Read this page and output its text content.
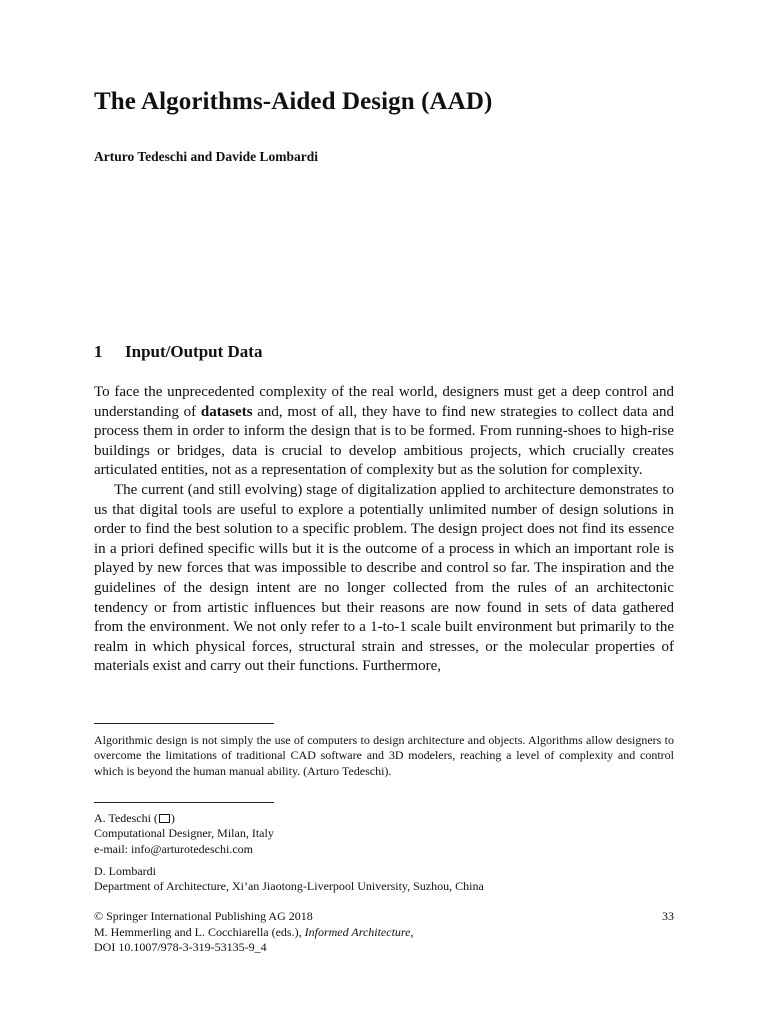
The Algorithms-Aided Design (AAD)
Arturo Tedeschi and Davide Lombardi
1 Input/Output Data

To face the unprecedented complexity of the real world, designers must get a deep control and understanding of datasets and, most of all, they have to find new strategies to collect data and process them in order to inform the design that is to be formed. From running-shoes to high-rise buildings or bridges, data is crucial to develop ambitious projects, which crucially creates articulated entities, not as a representation of complexity but as the solution for complexity.

The current (and still evolving) stage of digitalization applied to architecture demonstrates to us that digital tools are useful to explore a potentially unlimited number of design solutions in order to find the best solution to a specific problem. The design project does not find its essence in a priori defined specific wills but it is the outcome of a process in which an important role is played by new forces that was impossible to describe and control so far. The inspiration and the guidelines of the design intent are no longer collected from the rules of an architectonic tendency or from artistic influences but their reasons are now found in sets of data gathered from the environment. We not only refer to a 1-to-1 scale built environment but primarily to the realm in which physical forces, structural strain and stresses, or the molecular properties of materials exist and carry out their functions. Furthermore,

Algorithmic design is not simply the use of computers to design architecture and objects. Algorithms allow designers to overcome the limitations of traditional CAD software and 3D modelers, reaching a level of complexity and control which is beyond the human manual ability. (Arturo Tedeschi).
A. Tedeschi ( )
Computational Designer, Milan, Italy
e-mail: info@arturotedeschi.com
D. Lombardi
Department of Architecture, Xi’an Jiaotong-Liverpool University, Suzhou, China
© Springer International Publishing AG 2018
M. Hemmerling and L. Cocchiarella (eds.), Informed Architecture,
DOI 10.1007/978-3-319-53135-9_4
33
